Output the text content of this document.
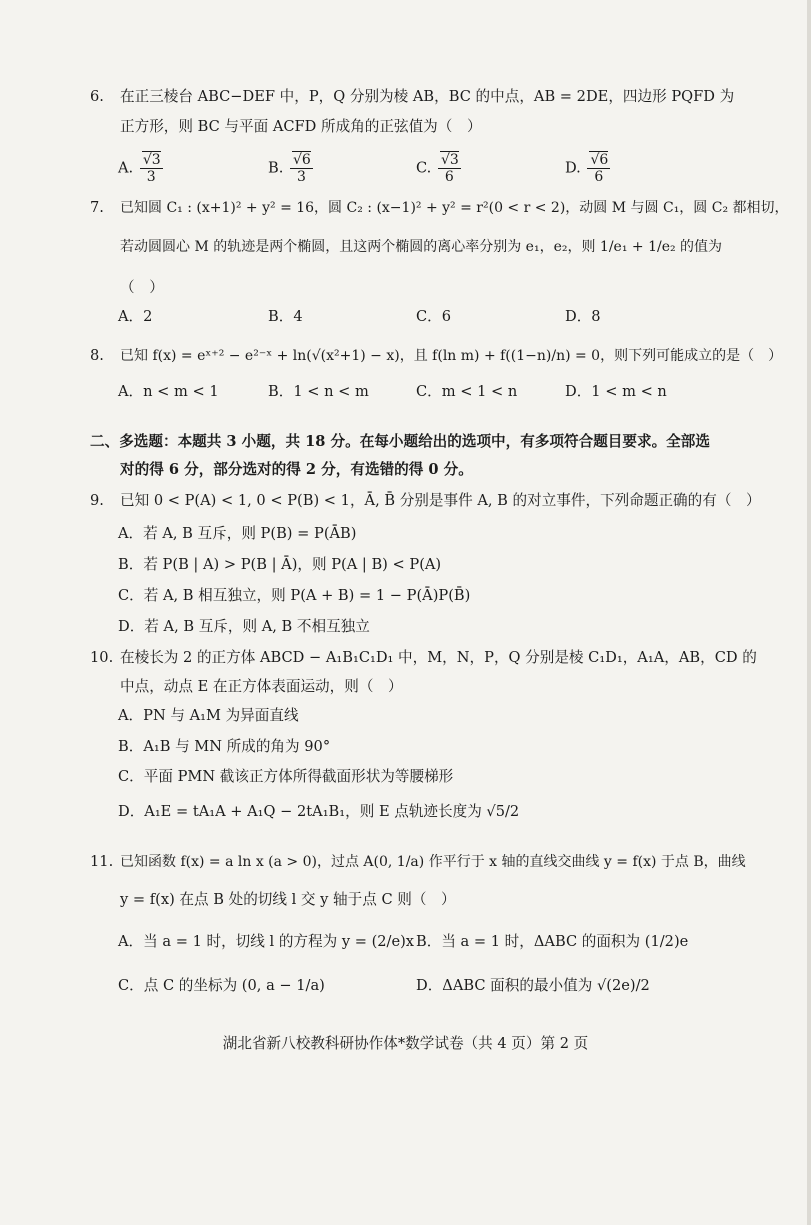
6. 在正三棱台 ABC−DEF 中，P，Q 分别为棱 AB，BC 的中点，AB = 2DE，四边形 PQFD 为
正方形，则 BC 与平面 ACFD 所成角的正弦值为（　）
A. $\frac{√3}{3}$	B. $\frac{√6}{3}$	C. $\frac{√3}{6}$	D. $\frac{√6}{6}$
7. 已知圆 C₁ : (x+1)² + y² = 16，圆 C₂ : (x−1)² + y² = r²(0 < r < 2)，动圆 M 与圆 C₁，圆 C₂ 都相切，
若动圆圆心 M 的轨迹是两个椭圆，且这两个椭圆的离心率分别为 e₁，e₂，则 1/e₁ + 1/e₂ 的值为
（　）
A．2	B．4	C．6	D．8
8. 已知 f(x) = eˣ⁺² − e²⁻ˣ + ln(√(x²+1) − x)，且 f(ln m) + f((1−n)/n) = 0，则下列可能成立的是（　）
A．n < m < 1	B．1 < n < m	C．m < 1 < n	D．1 < m < n
二、多选题：本题共 3 小题，共 18 分。在每小题给出的选项中，有多项符合题目要求。全部选
对的得 6 分，部分选对的得 2 分，有选错的得 0 分。
9. 已知 0 < P(A) < 1, 0 < P(B) < 1，Ā, B̄ 分别是事件 A, B 的对立事件，下列命题正确的有（　）
A．若 A, B 互斥，则 P(B) = P(ĀB)
B．若 P(B | A) > P(B | Ā)，则 P(A | B) < P(A)
C．若 A, B 相互独立，则 P(A + B) = 1 − P(Ā)P(B̄)
D．若 A, B 互斥，则 A, B 不相互独立
10. 在棱长为 2 的正方体 ABCD − A₁B₁C₁D₁ 中，M，N，P，Q 分别是棱 C₁D₁，A₁A，AB，CD 的
中点，动点 E 在正方体表面运动，则（　）
A．PN 与 A₁M 为异面直线
B．A₁B 与 MN 所成的角为 90°
C．平面 PMN 截该正方体所得截面形状为等腰梯形
D．A₁E = tA₁A + A₁Q − 2tA₁B₁，则 E 点轨迹长度为 √5/2
11. 已知函数 f(x) = a ln x (a > 0)，过点 A(0, 1/a) 作平行于 x 轴的直线交曲线 y = f(x) 于点 B，曲线
y = f(x) 在点 B 处的切线 l 交 y 轴于点 C 则（　）
A．当 a = 1 时，切线 l 的方程为 y = (2/e)x B．当 a = 1 时，ΔABC 的面积为 (1/2)e
C．点 C 的坐标为 (0, a − 1/a)	D．ΔABC 面积的最小值为 √(2e)/2
湖北省新八校教科研协作体*数学试卷（共 4 页）第 2 页
